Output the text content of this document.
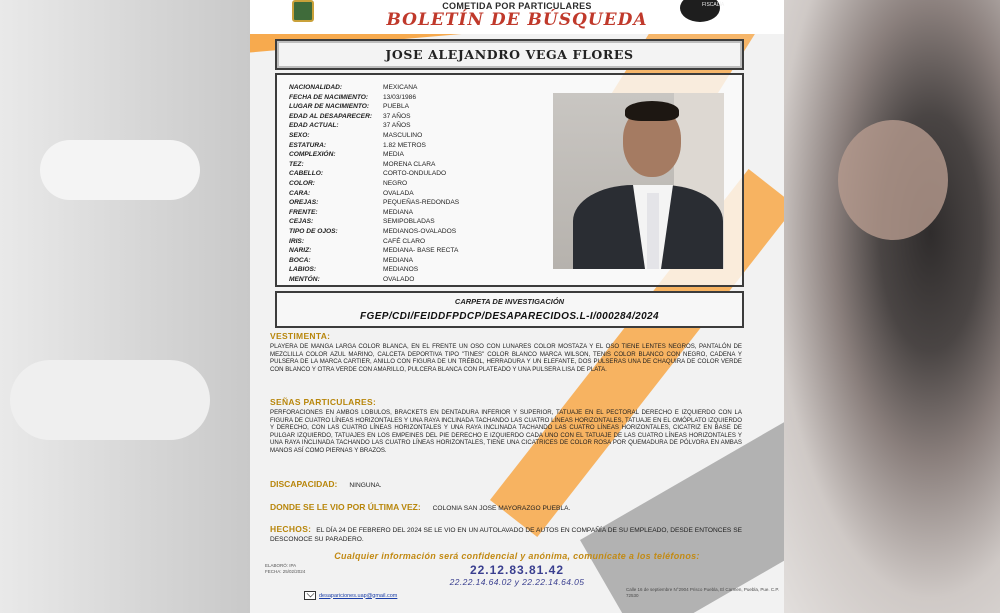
FISCALÍA
COMETIDA POR PARTICULARES
BOLETÍN DE BÚSQUEDA
JOSE ALEJANDRO VEGA FLORES
NACIONALIDAD:	MEXICANA
FECHA DE NACIMIENTO:	13/03/1986
LUGAR DE NACIMIENTO:	PUEBLA
EDAD AL DESAPARECER:	37 AÑOS
EDAD ACTUAL:	37 AÑOS
SEXO:	MASCULINO
ESTATURA:	1.82 METROS
COMPLEXIÓN:	MEDIA
TEZ:	MORENA CLARA
CABELLO:	CORTO-ONDULADO
COLOR:	NEGRO
CARA:	OVALADA
OREJAS:	PEQUEÑAS-REDONDAS
FRENTE:	MEDIANA
CEJAS:	SEMIPOBLADAS
TIPO DE OJOS:	MEDIANOS-OVALADOS
IRIS:	CAFÉ CLARO
NARIZ:	MEDIANA- BASE RECTA
BOCA:	MEDIANA
LABIOS:	MEDIANOS
MENTÓN:	OVALADO
CARPETA DE INVESTIGACIÓN
FGEP/CDI/FEIDDFPDCP/DESAPARECIDOS.L-I/000284/2024
VESTIMENTA:
PLAYERA DE MANGA LARGA COLOR BLANCA, EN EL FRENTE UN OSO CON LUNARES COLOR MOSTAZA Y EL OSO TIENE LENTES NEGROS, PANTALÓN DE MEZCLILLA COLOR AZUL MARINO, CALCETA DEPORTIVA TIPO "TINES" COLOR BLANCO MARCA WILSON, TENIS COLOR BLANCO CON NEGRO, CADENA Y PULSERA DE LA MARCA CARTIER, ANILLO CON FIGURA DE UN TRÉBOL, HERRADURA Y UN ELEFANTE, DOS PULSERAS UNA DE CHAQUIRA DE COLOR VERDE CON BLANCO Y OTRA VERDE CON AMARILLO, PULCERA BLANCA CON PLATEADO Y UNA PULSERA LISA DE PLATA.
SEÑAS PARTICULARES:
PERFORACIONES EN AMBOS LOBULOS, BRACKETS EN DENTADURA INFERIOR Y SUPERIOR, TATUAJE EN EL PECTORAL DERECHO E IZQUIERDO CON LA FIGURA DE CUATRO LÍNEAS HORIZONTALES Y UNA RAYA INCLINADA TACHANDO LAS CUATRO LÍNEAS HORIZONTALES, TATUAJE EN EL OMÓPLATO IZQUIERDO Y DERECHO, CON LAS CUATRO LÍNEAS HORIZONTALES Y UNA RAYA INCLINADA TACHANDO LAS CUATRO LÍNEAS HORIZONTALES, CICATRIZ EN BASE DE PULGAR IZQUIERDO, TATUAJES EN LOS EMPEINES DEL PIE DERECHO E IZQUIERDO CADA UNO CON EL TATUAJE DE LAS CUATRO LÍNEAS HORIZONTALES Y UNA RAYA INCLINADA TACHANDO LAS CUATRO LÍNEAS HORIZONTALES, TIENE UNA CICATRICES DE COLOR ROSA POR QUEMADURA DE PÓLVORA EN AMBAS MANOS ASÍ COMO PIERNAS Y BRAZOS.
DISCAPACIDAD: NINGUNA.
DONDE SE LE VIO POR ÚLTIMA VEZ: COLONIA SAN JOSE MAYORAZGO PUEBLA.
HECHOS: EL DÍA 24 DE FEBRERO DEL 2024 SE LE VIO EN UN AUTOLAVADO DE AUTOS EN COMPAÑÍA DE SU EMPLEADO, DESDE ENTONCES SE DESCONOCE SU PARADERO.
Cualquier información será confidencial y anónima, comunícate a los teléfonos:
22.12.83.81.42
22.22.14.64.02 y 22.22.14.64.05
ELABORÓ: IPA
FECHA: 25/02/2024
desapariciones.uap@gmail.com
Calle 16 de septiembre N°2904 Prisco Puebla, El Carmen, Puebla, Pue. C.P. 72530
